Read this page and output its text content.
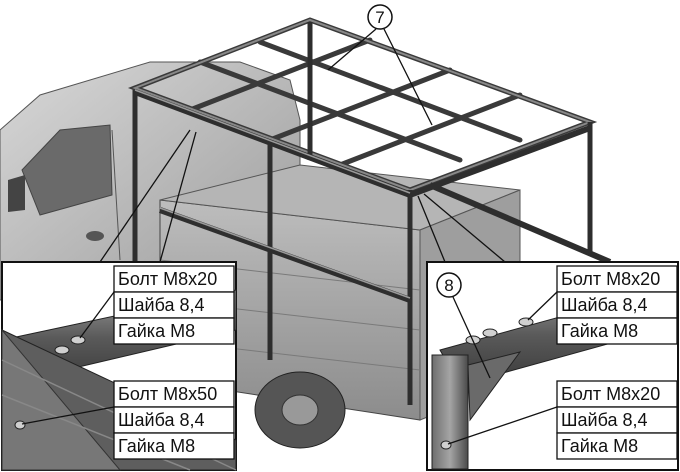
7
Болт М8х20
Шайба 8,4
Гайка М8
Болт М8х50
Шайба 8,4
Гайка М8
8	Болт М8х20
Шайба 8,4
Гайка М8
Болт М8х20
Шайба 8,4
Гайка М8
